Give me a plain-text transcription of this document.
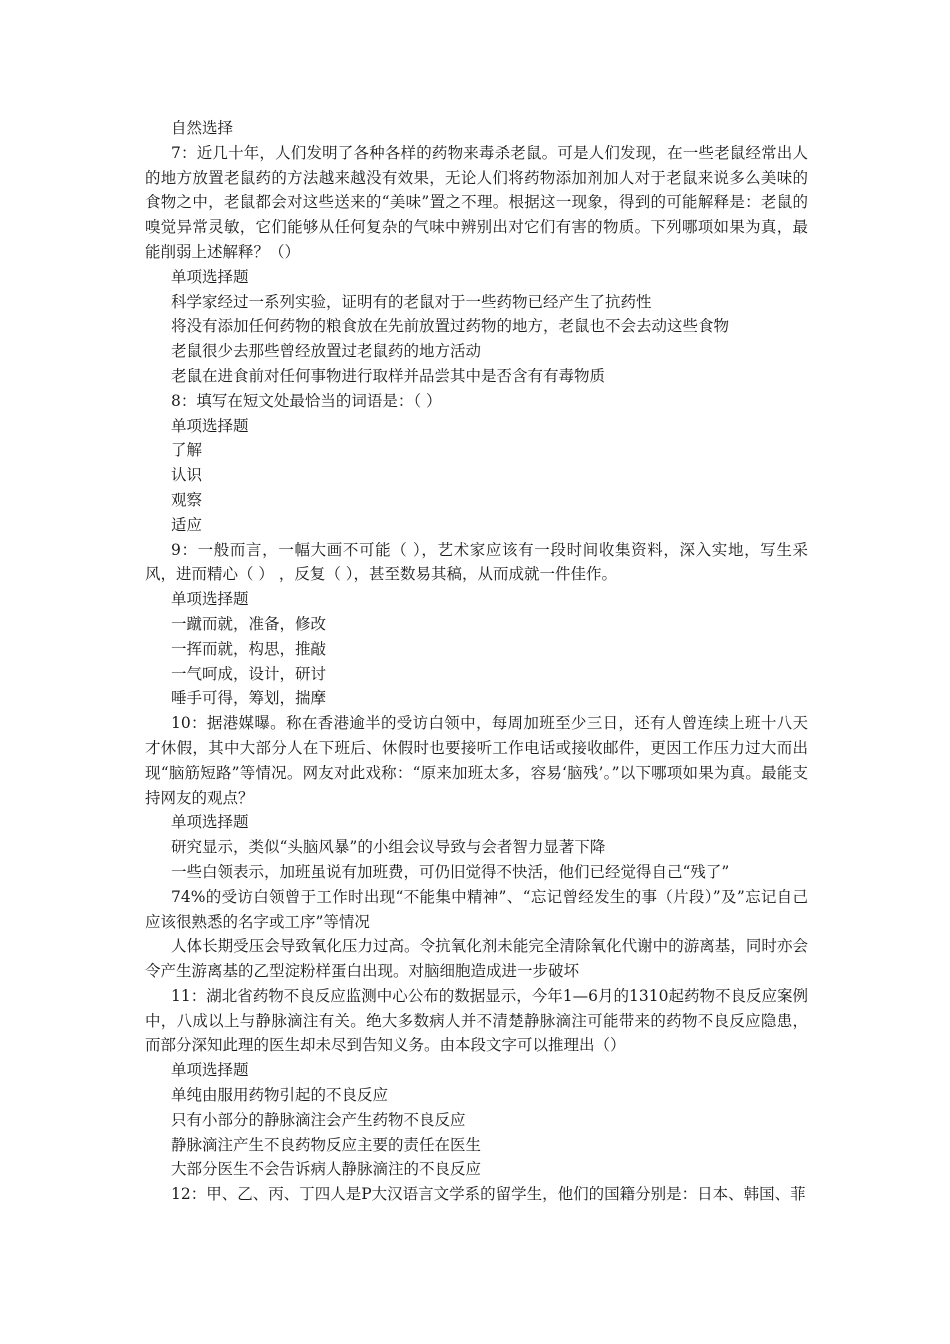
自然选择

7：近几十年，人们发明了各种各样的药物来毒杀老鼠。可是人们发现，在一些老鼠经常出人的地方放置老鼠药的方法越来越没有效果，无论人们将药物添加剂加人对于老鼠来说多么美味的食物之中，老鼠都会对这些送来的“美味”置之不理。根据这一现象，得到的可能解释是：老鼠的嗅觉异常灵敏，它们能够从任何复杂的气味中辨别出对它们有害的物质。下列哪项如果为真，最能削弱上述解释？（）

单项选择题

科学家经过一系列实验，证明有的老鼠对于一些药物已经产生了抗药性

将没有添加任何药物的粮食放在先前放置过药物的地方，老鼠也不会去动这些食物

老鼠很少去那些曾经放置过老鼠药的地方活动

老鼠在进食前对任何事物进行取样并品尝其中是否含有有毒物质

8：填写在短文处最恰当的词语是：（ ）

单项选择题

了解

认识

观察

适应

9：一般而言，一幅大画不可能（ ），艺术家应该有一段时间收集资料，深入实地，写生采风，进而精心（ ） ，反复（ ），甚至数易其稿，从而成就一件佳作。

单项选择题

一蹴而就，准备，修改

一挥而就，构思，推敲

一气呵成，设计，研讨

唾手可得，筹划，揣摩

10：据港媒曝。称在香港逾半的受访白领中，每周加班至少三日，还有人曾连续上班十八天才休假，其中大部分人在下班后、休假时也要接听工作电话或接收邮件，更因工作压力过大而出现“脑筋短路”等情况。网友对此戏称：“原来加班太多，容易‘脑残’。”以下哪项如果为真。最能支持网友的观点？

单项选择题

研究显示，类似“头脑风暴”的小组会议导致与会者智力显著下降

一些白领表示，加班虽说有加班费，可仍旧觉得不快活，他们已经觉得自己“残了”

74%的受访白领曾于工作时出现“不能集中精神”、“忘记曾经发生的事（片段）”及”忘记自己应该很熟悉的名字或工序”等情况

人体长期受压会导致氧化压力过高。令抗氧化剂未能完全清除氧化代谢中的游离基，同时亦会令产生游离基的乙型淀粉样蛋白出现。对脑细胞造成进一步破坏

11：湖北省药物不良反应监测中心公布的数据显示，今年1—6月的1310起药物不良反应案例中，八成以上与静脉滴注有关。绝大多数病人并不清楚静脉滴注可能带来的药物不良反应隐患，而部分深知此理的医生却未尽到告知义务。由本段文字可以推理出（）

单项选择题

单纯由服用药物引起的不良反应

只有小部分的静脉滴注会产生药物不良反应

静脉滴注产生不良药物反应主要的责任在医生

大部分医生不会告诉病人静脉滴注的不良反应

12：甲、乙、丙、丁四人是P大汉语言文学系的留学生，他们的国籍分别是：日本、韩国、菲
